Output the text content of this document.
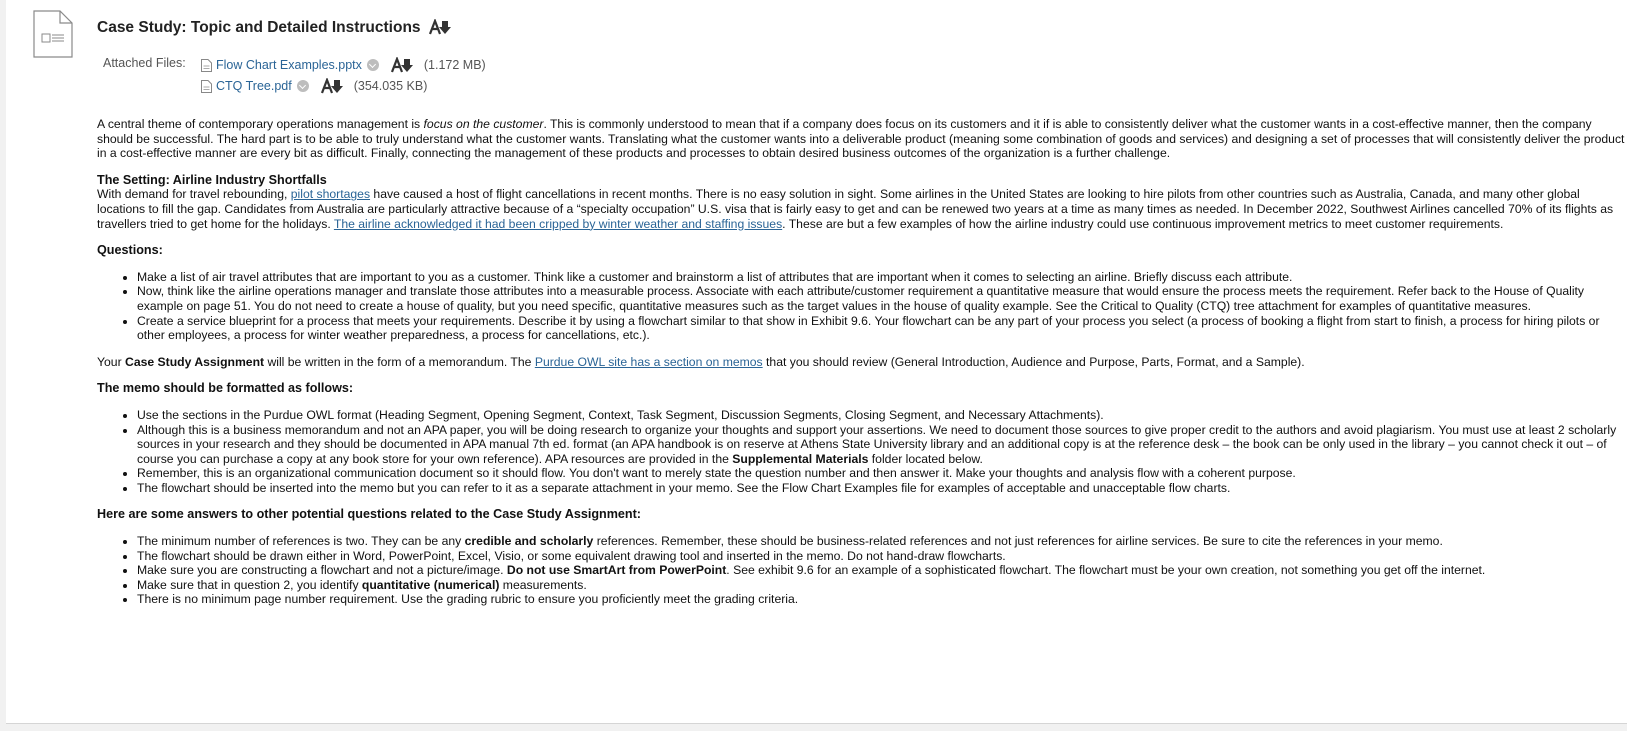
Case Study: Topic and Detailed Instructions
Attached Files: Flow Chart Examples.pptx	(1.172 MB)
CTQ Tree.pdf	(354.035 KB)

A central theme of contemporary operations management is focus on the customer. This is commonly understood to mean that if a company does focus on its customers and it if is able to consistently deliver what the customer wants in a cost-effective manner, then the company should be successful. The hard part is to be able to truly understand what the customer wants. Translating what the customer wants into a deliverable product (meaning some combination of goods and services) and designing a set of processes that will consistently deliver the product in a cost-effective manner are every bit as difficult. Finally, connecting the management of these products and processes to obtain desired business outcomes of the organization is a further challenge.

The Setting: Airline Industry Shortfalls
With demand for travel rebounding, pilot shortages have caused a host of flight cancellations in recent months. There is no easy solution in sight. Some airlines in the United States are looking to hire pilots from other countries such as Australia, Canada, and many other global locations to fill the gap. Candidates from Australia are particularly attractive because of a “specialty occupation” U.S. visa that is fairly easy to get and can be renewed two years at a time as many times as needed. In December 2022, Southwest Airlines cancelled 70% of its flights as travellers tried to get home for the holidays. The airline acknowledged it had been cripped by winter weather and staffing issues. These are but a few examples of how the airline industry could use continuous improvement metrics to meet customer requirements.

Questions:

• Make a list of air travel attributes that are important to you as a customer. Think like a customer and brainstorm a list of attributes that are important when it comes to selecting an airline. Briefly discuss each attribute.
• Now, think like the airline operations manager and translate those attributes into a measurable process. Associate with each attribute/customer requirement a quantitative measure that would ensure the process meets the requirement. Refer back to the House of Quality example on page 51. You do not need to create a house of quality, but you need specific, quantitative measures such as the target values in the house of quality example. See the Critical to Quality (CTQ) tree attachment for examples of quantitative measures.
• Create a service blueprint for a process that meets your requirements. Describe it by using a flowchart similar to that show in Exhibit 9.6. Your flowchart can be any part of your process you select (a process of booking a flight from start to finish, a process for hiring pilots or other employees, a process for winter weather preparedness, a process for cancellations, etc.).

Your Case Study Assignment will be written in the form of a memorandum. The Purdue OWL site has a section on memos that you should review (General Introduction, Audience and Purpose, Parts, Format, and a Sample).

The memo should be formatted as follows:

• Use the sections in the Purdue OWL format (Heading Segment, Opening Segment, Context, Task Segment, Discussion Segments, Closing Segment, and Necessary Attachments).
• Although this is a business memorandum and not an APA paper, you will be doing research to organize your thoughts and support your assertions. We need to document those sources to give proper credit to the authors and avoid plagiarism. You must use at least 2 scholarly sources in your research and they should be documented in APA manual 7th ed. format (an APA handbook is on reserve at Athens State University library and an additional copy is at the reference desk – the book can be only used in the library – you cannot check it out – of course you can purchase a copy at any book store for your own reference). APA resources are provided in the Supplemental Materials folder located below.
• Remember, this is an organizational communication document so it should flow. You don't want to merely state the question number and then answer it. Make your thoughts and analysis flow with a coherent purpose.
• The flowchart should be inserted into the memo but you can refer to it as a separate attachment in your memo. See the Flow Chart Examples file for examples of acceptable and unacceptable flow charts.

Here are some answers to other potential questions related to the Case Study Assignment:

• The minimum number of references is two. They can be any credible and scholarly references. Remember, these should be business-related references and not just references for airline services. Be sure to cite the references in your memo.
• The flowchart should be drawn either in Word, PowerPoint, Excel, Visio, or some equivalent drawing tool and inserted in the memo. Do not hand-draw flowcharts.
• Make sure you are constructing a flowchart and not a picture/image. Do not use SmartArt from PowerPoint. See exhibit 9.6 for an example of a sophisticated flowchart. The flowchart must be your own creation, not something you get off the internet.
• Make sure that in question 2, you identify quantitative (numerical) measurements.
• There is no minimum page number requirement. Use the grading rubric to ensure you proficiently meet the grading criteria.
